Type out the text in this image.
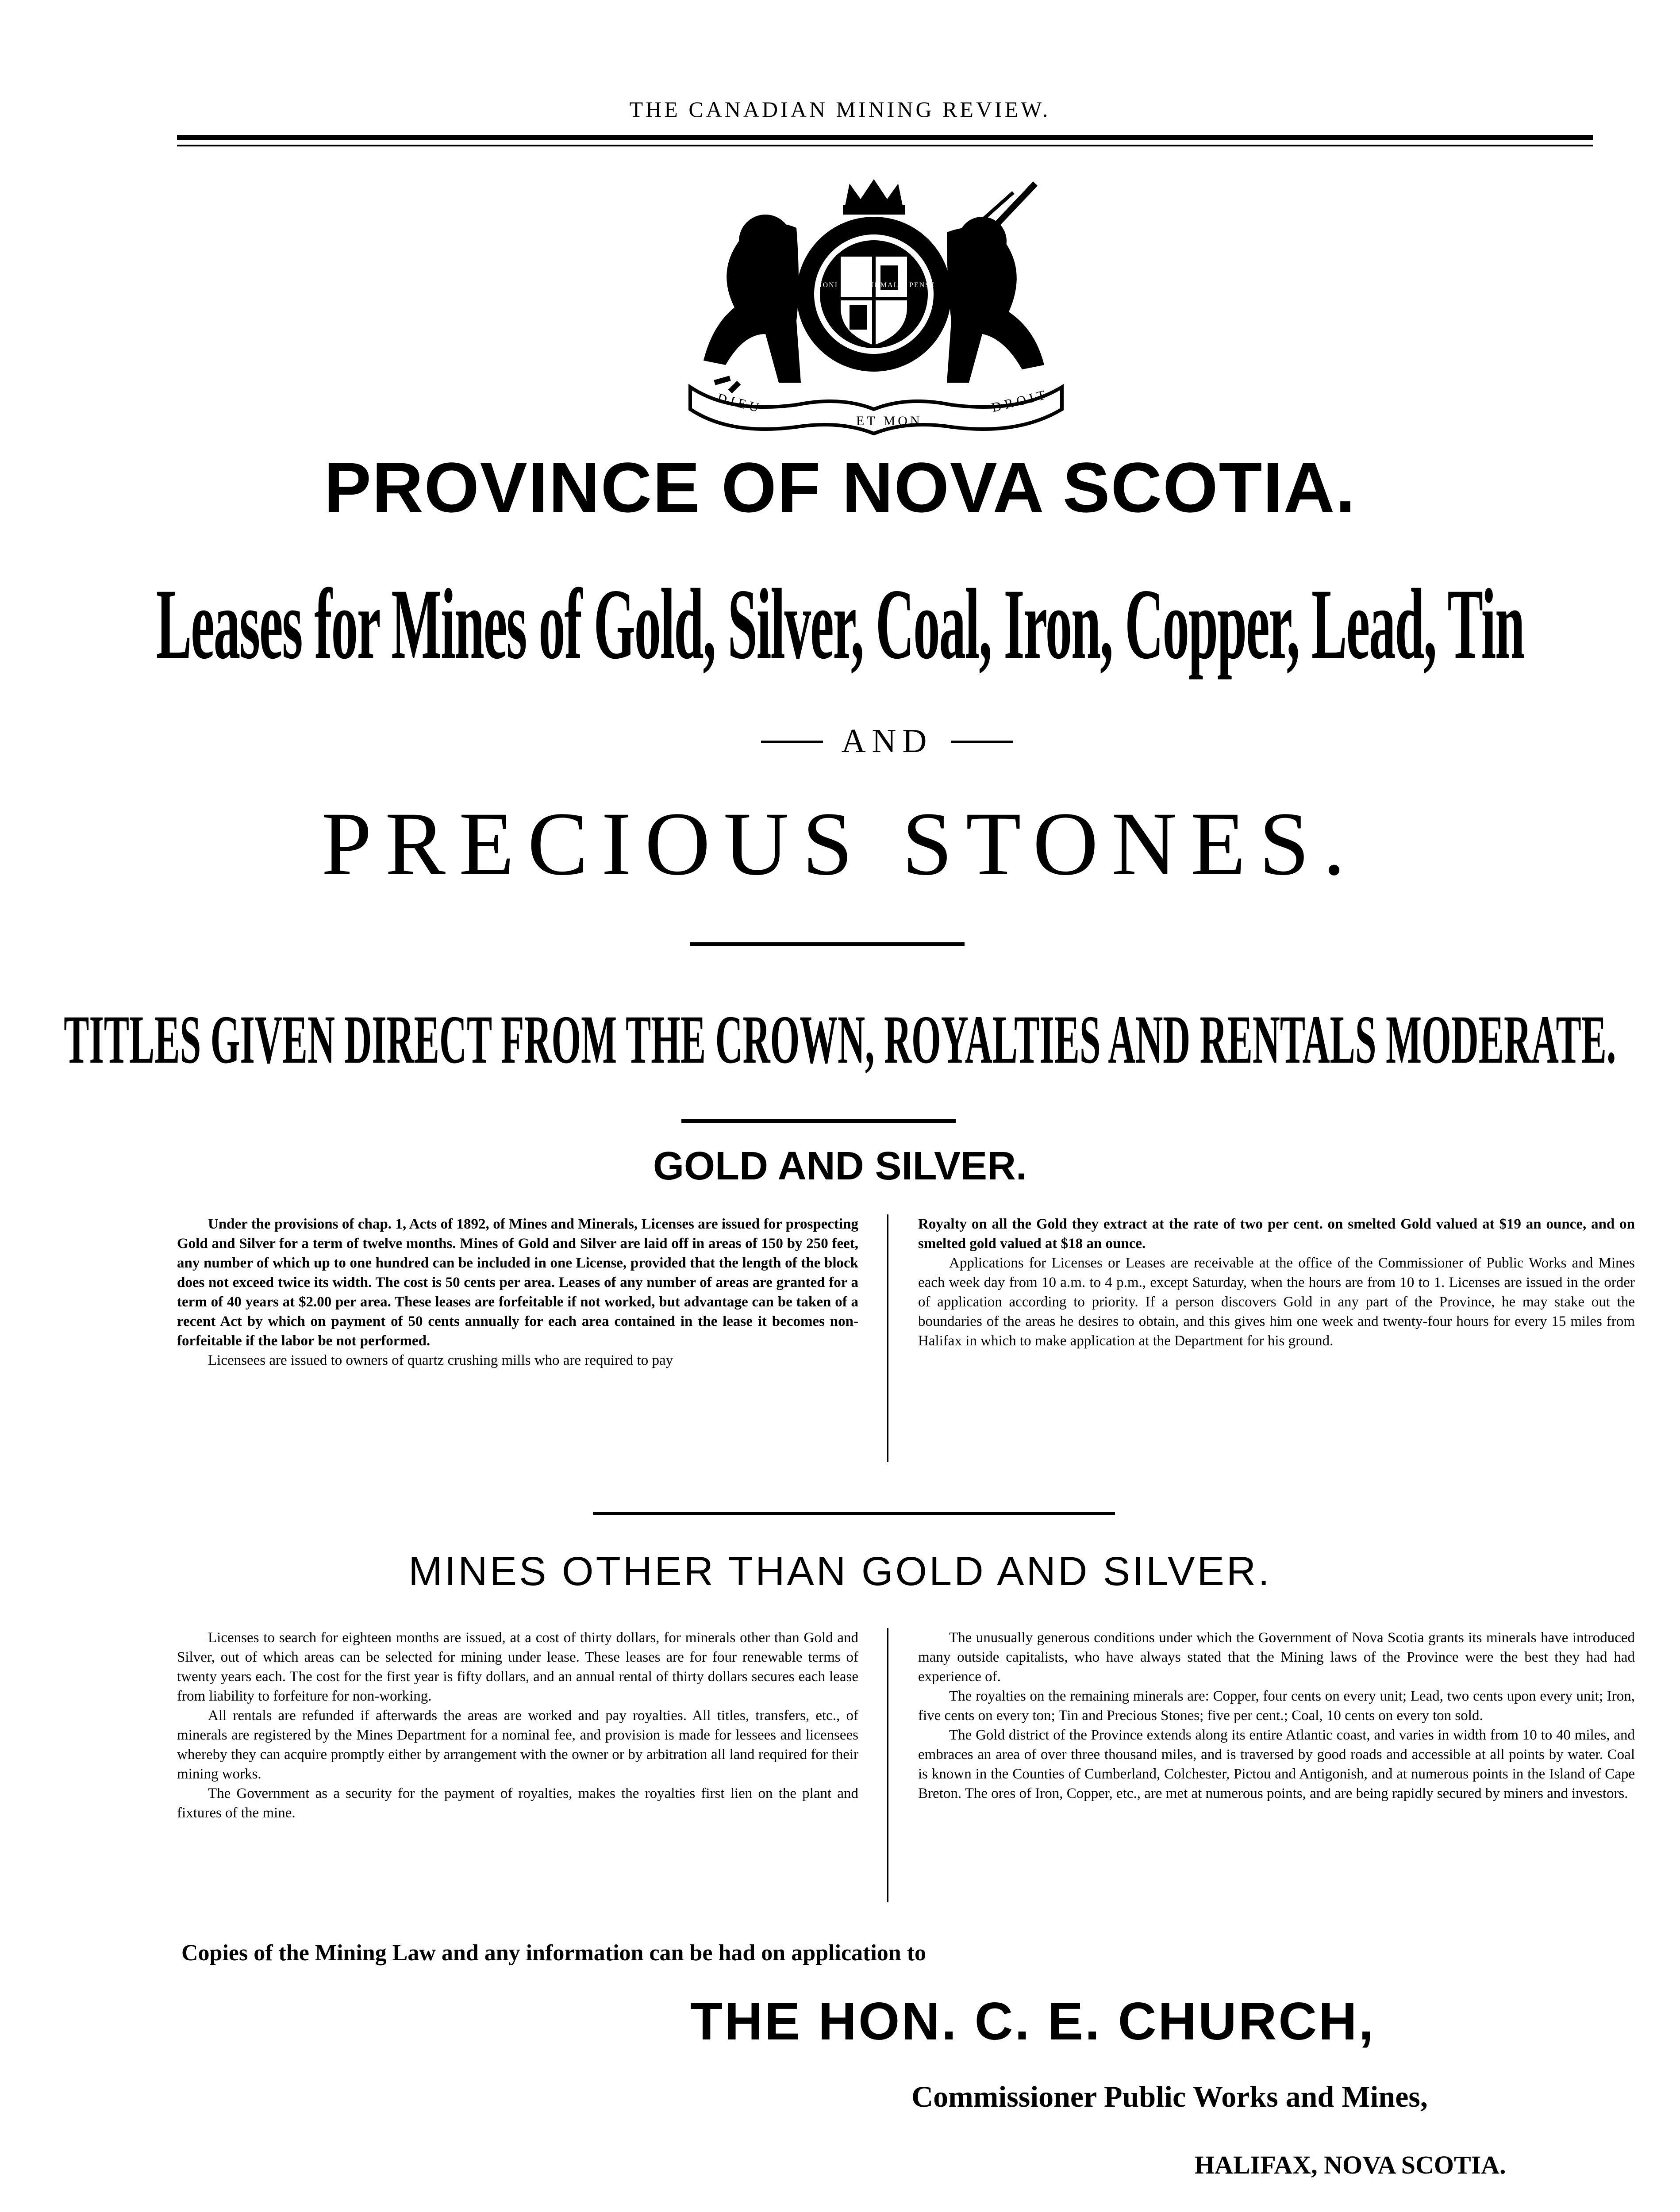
THE CANADIAN MINING REVIEW.
DIEU
ET MON
DROIT
HONI SOIT QUI MAL Y PENSE
PROVINCE OF NOVA SCOTIA.
Leases for Mines of Gold, Silver, Coal, Iron, Copper, Lead, Tin
AND
PRECIOUS STONES.
TITLES GIVEN DIRECT FROM THE CROWN, ROYALTIES AND RENTALS MODERATE.
GOLD AND SILVER.

Under the provisions of chap. 1, Acts of 1892, of Mines and Minerals, Licenses are issued for prospecting Gold and Silver for a term of twelve months. Mines of Gold and Silver are laid off in areas of 150 by 250 feet, any number of which up to one hundred can be included in one License, provided that the length of the block does not exceed twice its width. The cost is 50 cents per area. Leases of any number of areas are granted for a term of 40 years at $2.00 per area. These leases are forfeitable if not worked, but advantage can be taken of a recent Act by which on payment of 50 cents annually for each area contained in the lease it becomes non-forfeitable if the labor be not performed.

Licensees are issued to owners of quartz crushing mills who are required to pay

Royalty on all the Gold they extract at the rate of two per cent. on smelted Gold valued at $19 an ounce, and on smelted gold valued at $18 an ounce.

Applications for Licenses or Leases are receivable at the office of the Commissioner of Public Works and Mines each week day from 10 a.m. to 4 p.m., except Saturday, when the hours are from 10 to 1. Licenses are issued in the order of application according to priority. If a person discovers Gold in any part of the Province, he may stake out the boundaries of the areas he desires to obtain, and this gives him one week and twenty-four hours for every 15 miles from Halifax in which to make application at the Department for his ground.

MINES OTHER THAN GOLD AND SILVER.

Licenses to search for eighteen months are issued, at a cost of thirty dollars, for minerals other than Gold and Silver, out of which areas can be selected for mining under lease. These leases are for four renewable terms of twenty years each. The cost for the first year is fifty dollars, and an annual rental of thirty dollars secures each lease from liability to forfeiture for non-working.

All rentals are refunded if afterwards the areas are worked and pay royalties. All titles, transfers, etc., of minerals are registered by the Mines Department for a nominal fee, and provision is made for lessees and licensees whereby they can acquire promptly either by arrangement with the owner or by arbitration all land required for their mining works.

The Government as a security for the payment of royalties, makes the royalties first lien on the plant and fixtures of the mine.

The unusually generous conditions under which the Government of Nova Scotia grants its minerals have introduced many outside capitalists, who have always stated that the Mining laws of the Province were the best they had had experience of.

The royalties on the remaining minerals are: Copper, four cents on every unit; Lead, two cents upon every unit; Iron, five cents on every ton; Tin and Precious Stones; five per cent.; Coal, 10 cents on every ton sold.

The Gold district of the Province extends along its entire Atlantic coast, and varies in width from 10 to 40 miles, and embraces an area of over three thousand miles, and is traversed by good roads and accessible at all points by water. Coal is known in the Counties of Cumberland, Colchester, Pictou and Antigonish, and at numerous points in the Island of Cape Breton. The ores of Iron, Copper, etc., are met at numerous points, and are being rapidly secured by miners and investors.

Copies of the Mining Law and any information can be had on application to
THE HON. C. E. CHURCH,
Commissioner Public Works and Mines,
HALIFAX, NOVA SCOTIA.
